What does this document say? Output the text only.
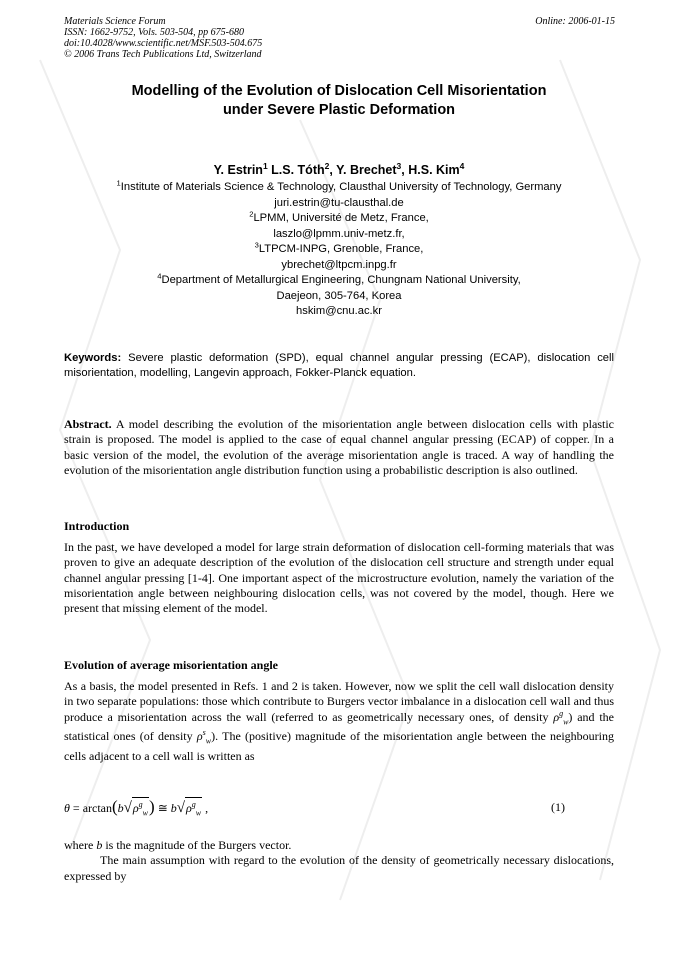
Materials Science Forum
ISSN: 1662-9752, Vols. 503-504, pp 675-680
doi:10.4028/www.scientific.net/MSF.503-504.675
© 2006 Trans Tech Publications Ltd, Switzerland
Online: 2006-01-15
Modelling of the Evolution of Dislocation Cell Misorientation
under Severe Plastic Deformation
Y. Estrin$^1$ L.S. Tóth$^2$, Y. Brechet$^3$, H.S. Kim$^4$
$^1$Institute of Materials Science & Technology, Clausthal University of Technology, Germany
juri.estrin@tu-clausthal.de
$^2$LPMM, Université de Metz, France,
laszlo@lpmm.univ-metz.fr,
$^3$LTPCM-INPG, Grenoble, France,
ybrechet@ltpcm.inpg.fr
$^4$Department of Metallurgical Engineering, Chungnam National University,
Daejeon, 305-764, Korea
hskim@cnu.ac.kr
Keywords: Severe plastic deformation (SPD), equal channel angular pressing (ECAP), dislocation cell misorientation, modelling, Langevin approach, Fokker-Planck equation.

Abstract. A model describing the evolution of the misorientation angle between dislocation cells with plastic strain is proposed. The model is applied to the case of equal channel angular pressing (ECAP) of copper. In a basic version of the model, the evolution of the average misorientation angle is traced. A way of handling the evolution of the misorientation angle distribution function using a probabilistic description is also outlined.

Introduction

In the past, we have developed a model for large strain deformation of dislocation cell-forming materials that was proven to give an adequate description of the evolution of the dislocation cell structure and strength under equal channel angular pressing [1-4]. One important aspect of the microstructure evolution, namely the variation of the misorientation angle between neighbouring dislocation cells, was not covered by the model, though. Here we present that missing element of the model.

Evolution of average misorientation angle

As a basis, the model presented in Refs. 1 and 2 is taken. However, now we split the cell wall dislocation density in two separate populations: those which contribute to Burgers vector imbalance in a dislocation cell wall and thus produce a misorientation across the wall (referred to as geometrically necessary ones, of density $\rho^g_w$) and the statistical ones (of density $\rho^s_w$). The (positive) magnitude of the misorientation angle between the neighbouring cells adjacent to a cell wall is written as

$\theta = \arctan(b√\rho^g_w)$ ≅ $b√\rho^g_w$ ,	(1)

where b is the magnitude of the Burgers vector.

The main assumption with regard to the evolution of the density of geometrically necessary dislocations, expressed by
